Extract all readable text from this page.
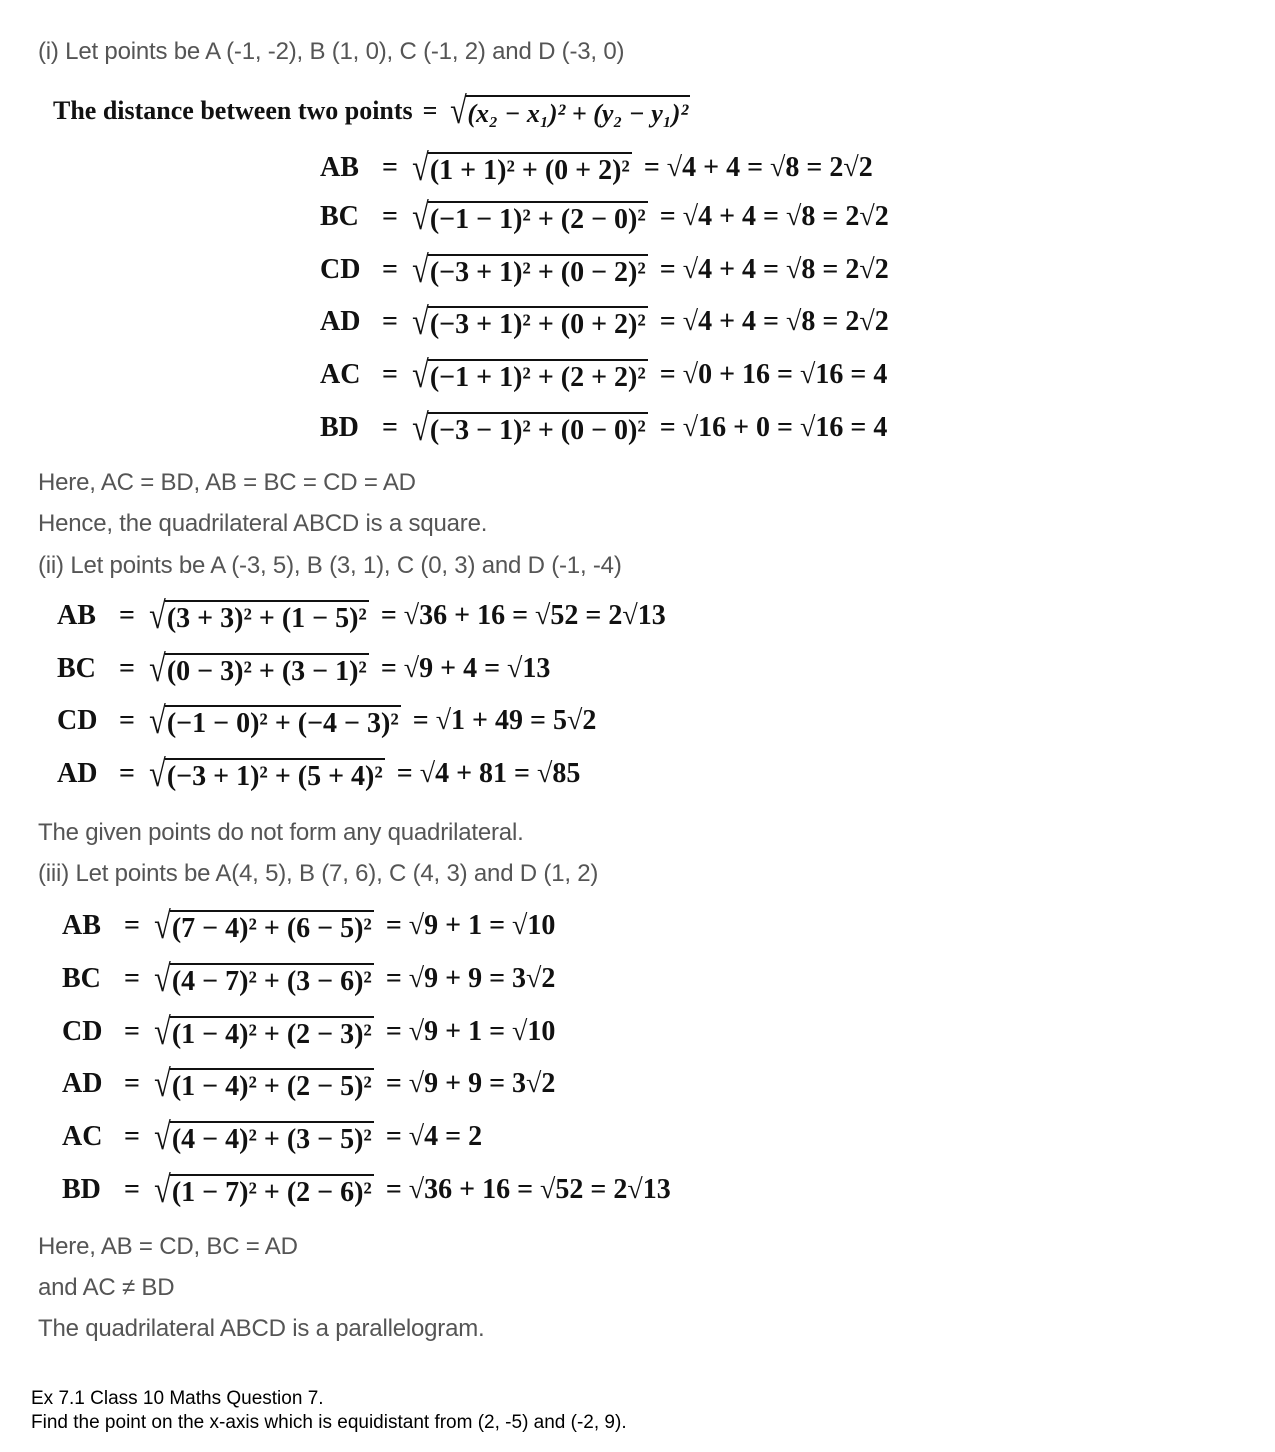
(i) Let points be A (-1, -2), B (1, 0), C (-1, 2) and D (-3, 0)
The distance between two points = √ (x₂ − x₁)² + (y₂ − y₁)²
AB = √ (1 + 1)² + (0 + 2)² = √4 + 4 = √8 = 2√2
BC = √ (−1 − 1)² + (2 − 0)² = √4 + 4 = √8 = 2√2
CD = √ (−3 + 1)² + (0 − 2)² = √4 + 4 = √8 = 2√2
AD = √ (−3 + 1)² + (0 + 2)² = √4 + 4 = √8 = 2√2
AC = √ (−1 + 1)² + (2 + 2)² = √0 + 16 = √16 = 4
BD = √ (−3 − 1)² + (0 − 0)² = √16 + 0 = √16 = 4
Here, AC = BD, AB = BC = CD = AD
Hence, the quadrilateral ABCD is a square.
(ii) Let points be A (-3, 5), B (3, 1), C (0, 3) and D (-1, -4)
AB = √ (3 + 3)² + (1 − 5)² = √36 + 16 = √52 = 2√13
BC = √ (0 − 3)² + (3 − 1)² = √9 + 4 = √13
CD = √ (−1 − 0)² + (−4 − 3)² = √1 + 49 = 5√2
AD = √ (−3 + 1)² + (5 + 4)² = √4 + 81 = √85
The given points do not form any quadrilateral.
(iii) Let points be A(4, 5), B (7, 6), C (4, 3) and D (1, 2)
AB = √ (7 − 4)² + (6 − 5)² = √9 + 1 = √10
BC = √ (4 − 7)² + (3 − 6)² = √9 + 9 = 3√2
CD = √ (1 − 4)² + (2 − 3)² = √9 + 1 = √10
AD = √ (1 − 4)² + (2 − 5)² = √9 + 9 = 3√2
AC = √ (4 − 4)² + (3 − 5)² = √4 = 2
BD = √ (1 − 7)² + (2 − 6)² = √36 + 16 = √52 = 2√13
Here, AB = CD, BC = AD
and AC ≠ BD
The quadrilateral ABCD is a parallelogram.
Ex 7.1 Class 10 Maths Question 7.
Find the point on the x-axis which is equidistant from (2, -5) and (-2, 9).
